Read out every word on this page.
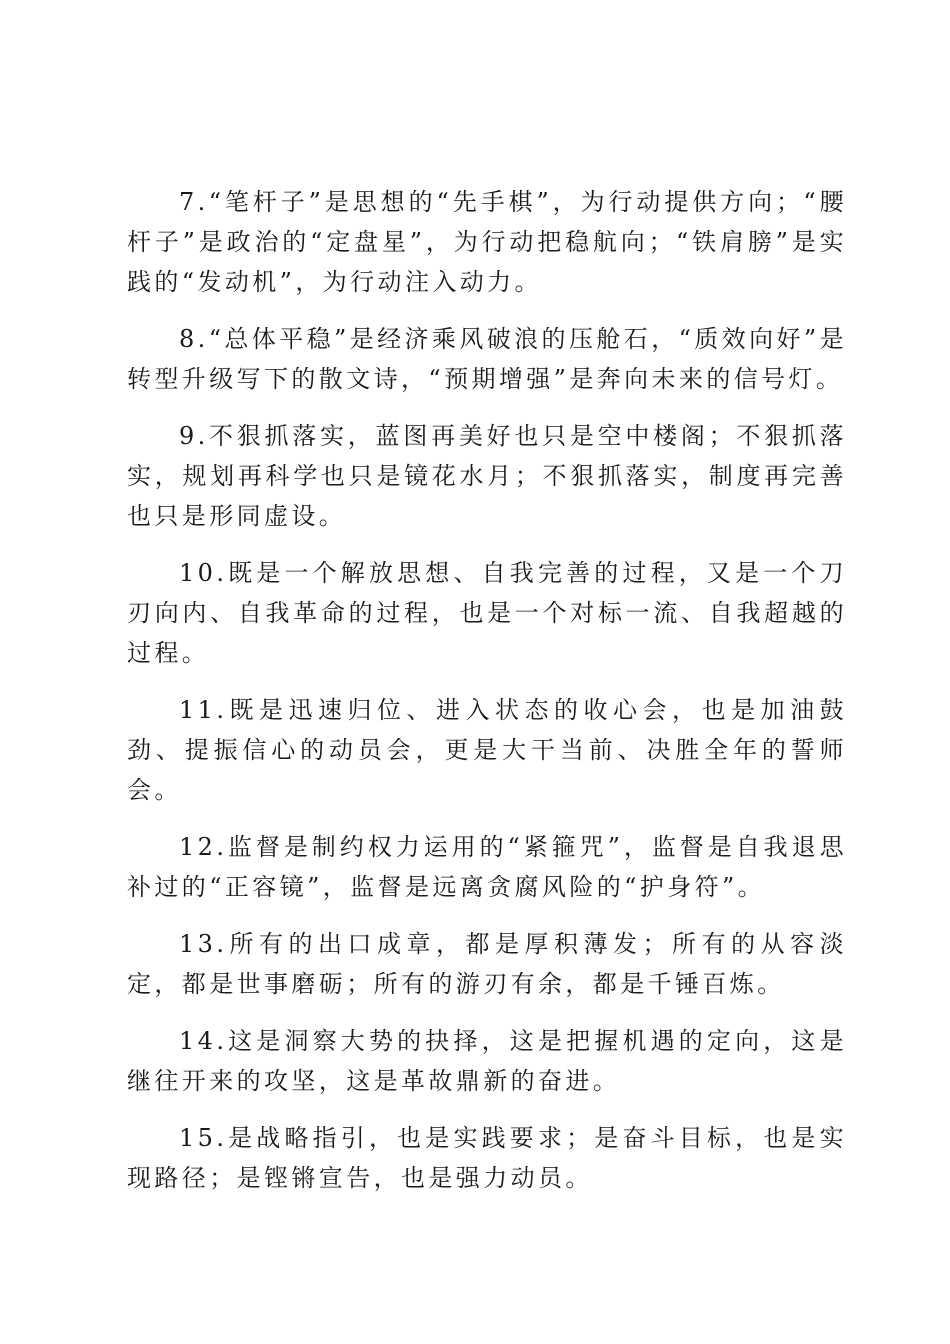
7.“笔杆子”是思想的“先手棋”，为行动提供方向；“腰杆子”是政治的“定盘星”，为行动把稳航向；“铁肩膀”是实践的“发动机”，为行动注入动力。

8.“总体平稳”是经济乘风破浪的压舱石，“质效向好”是转型升级写下的散文诗，“预期增强”是奔向未来的信号灯。

9.不狠抓落实，蓝图再美好也只是空中楼阁；不狠抓落实，规划再科学也只是镜花水月；不狠抓落实，制度再完善也只是形同虚设。

10.既是一个解放思想、自我完善的过程，又是一个刀刃向内、自我革命的过程，也是一个对标一流、自我超越的过程。

11.既是迅速归位、进入状态的收心会，也是加油鼓劲、提振信心的动员会，更是大干当前、决胜全年的誓师会。

12.监督是制约权力运用的“紧箍咒”，监督是自我退思补过的“正容镜”，监督是远离贪腐风险的“护身符”。

13.所有的出口成章，都是厚积薄发；所有的从容淡定，都是世事磨砺；所有的游刃有余，都是千锤百炼。

14.这是洞察大势的抉择，这是把握机遇的定向，这是继往开来的攻坚，这是革故鼎新的奋进。

15.是战略指引，也是实践要求；是奋斗目标，也是实现路径；是铿锵宣告，也是强力动员。
